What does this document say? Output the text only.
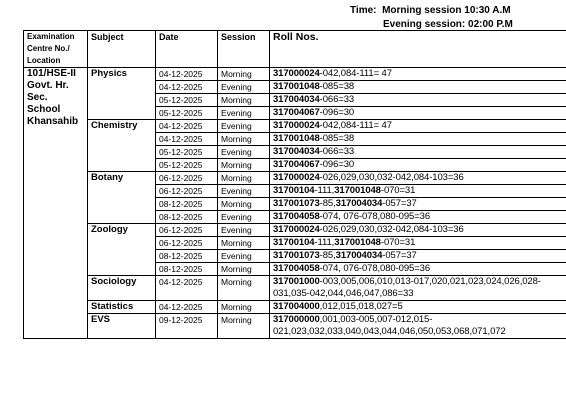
Time: Morning session 10:30 A.M
Evening session: 02:00 P.M
Examination
Centre No./
Location	Subject	Date	Session	Roll Nos.

101/HSE-II
Govt. Hr.
Sec.
School
Khansahib	Physics	04-12-2025	Morning	317000024-042,084-111= 47
		04-12-2025	Evening	317001048-085=38
		05-12-2025	Morning	317004034-066=33
		05-12-2025	Evening	317004067-096=30
	Chemistry	04-12-2025	Evening	317000024-042,084-111= 47
		04-12-2025	Morning	317001048-085=38
		05-12-2025	Evening	317004034-066=33
		05-12-2025	Morning	317004067-096=30
	Botany	06-12-2025	Morning	317000024-026,029,030,032-042,084-103=36
		06-12-2025	Evening	31700104-111,317001048-070=31
		08-12-2025	Morning	317001073-85,317004034-057=37
		08-12-2025	Evening	317004058-074, 076-078,080-095=36
	Zoology	06-12-2025	Evening	317000024-026,029,030,032-042,084-103=36
		06-12-2025	Morning	31700104-111,317001048-070=31
		08-12-2025	Evening	317001073-85,317004034-057=37
		08-12-2025	Morning	317004058-074, 076-078,080-095=36
	Sociology	04-12-2025	Morning	317001000-003,005,006,010,013-017,020,021,023,024,026,028-031,035-042,044,046,047,086=33
	Statistics	04-12-2025	Morning	317004000,012,015,018,027=5
	EVS	09-12-2025	Morning	317000000,001,003-005,007-012,015-021,023,032,033,040,043,044,046,050,053,068,071,072
